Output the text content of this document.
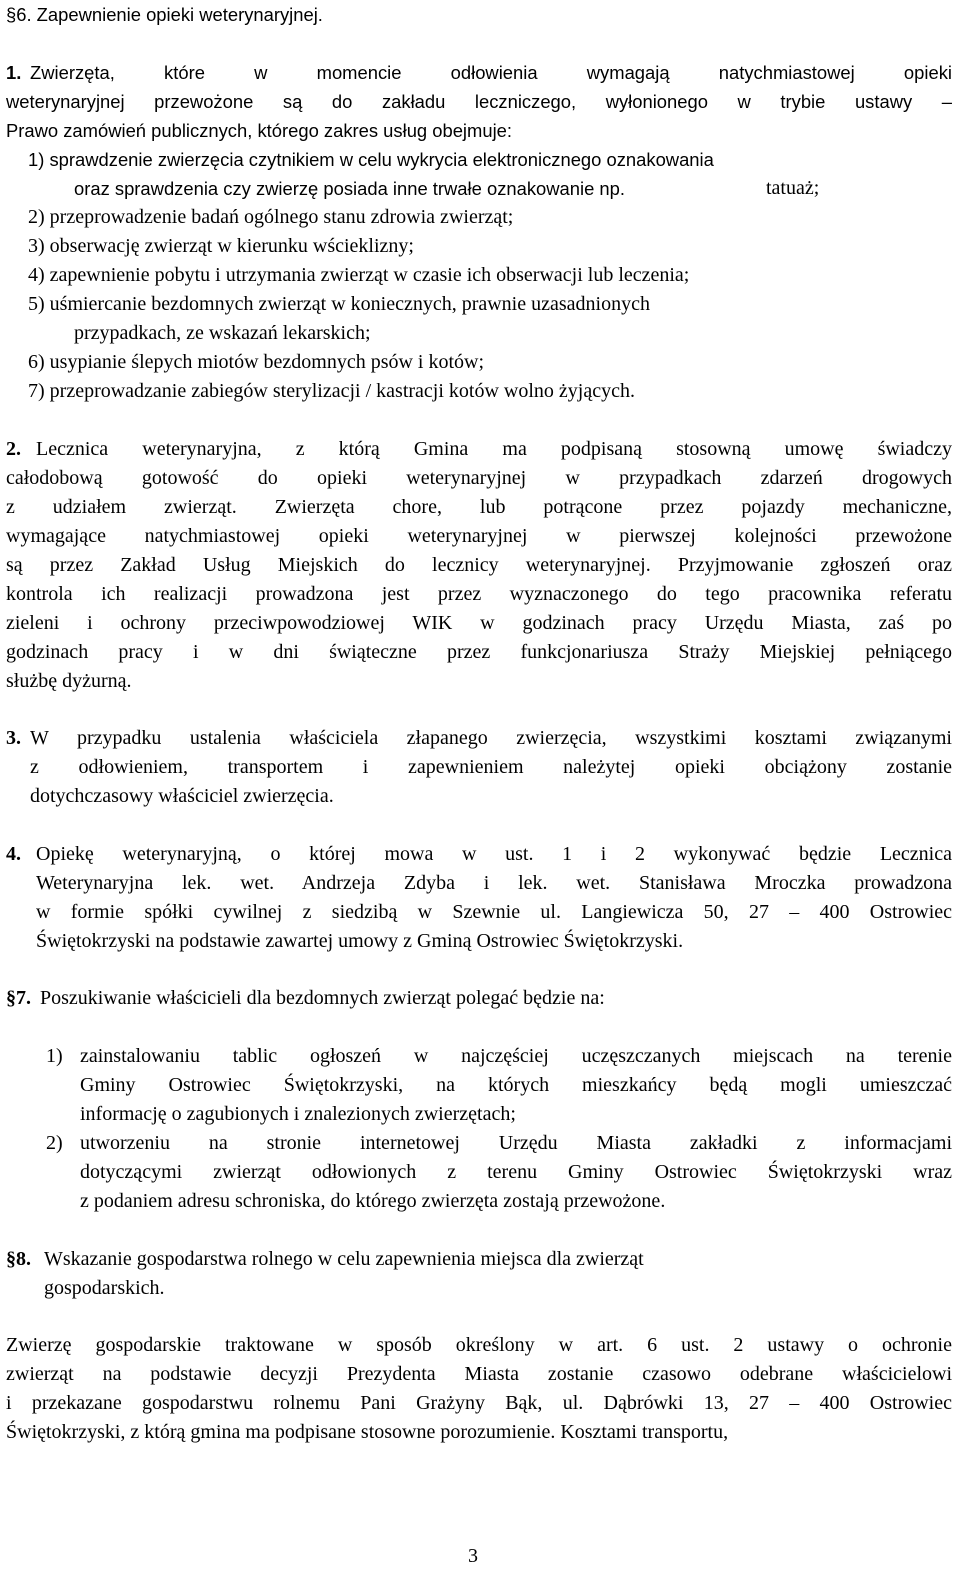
§6. Zapewnienie opieki weterynaryjnej.
1. Zwierzęta, które w momencie odłowienia wymagają natychmiastowej opieki
weterynaryjnej przewożone są do zakładu leczniczego, wyłonionego w trybie ustawy –
Prawo zamówień publicznych, którego zakres usług obejmuje:
1) sprawdzenie zwierzęcia czytnikiem w celu wykrycia elektronicznego oznakowania
oraz sprawdzenia czy zwierzę posiada inne trwałe oznakowanie np.	tatuaż;
2) przeprowadzenie badań ogólnego stanu zdrowia zwierząt;
3) obserwację zwierząt w kierunku wścieklizny;
4) zapewnienie pobytu i utrzymania zwierząt w czasie ich obserwacji lub leczenia;
5) uśmiercanie bezdomnych zwierząt w koniecznych, prawnie uzasadnionych
przypadkach, ze wskazań lekarskich;
6) usypianie ślepych miotów bezdomnych psów i kotów;
7) przeprowadzanie zabiegów sterylizacji / kastracji kotów wolno żyjących.
2. Lecznica weterynaryjna, z którą Gmina ma podpisaną stosowną umowę świadczy
całodobową gotowość do opieki weterynaryjnej w przypadkach zdarzeń drogowych
z udziałem zwierząt. Zwierzęta chore, lub potrącone przez pojazdy mechaniczne,
wymagające natychmiastowej opieki weterynaryjnej w pierwszej kolejności przewożone
są przez Zakład Usług Miejskich do lecznicy weterynaryjnej. Przyjmowanie zgłoszeń oraz
kontrola ich realizacji prowadzona jest przez wyznaczonego do tego pracownika referatu
zieleni i ochrony przeciwpowodziowej WIK w godzinach pracy Urzędu Miasta, zaś po
godzinach pracy i w dni świąteczne przez funkcjonariusza Straży Miejskiej pełniącego
służbę dyżurną.
3. W przypadku ustalenia właściciela złapanego zwierzęcia, wszystkimi kosztami związanymi
z odłowieniem, transportem i zapewnieniem należytej opieki obciążony zostanie
dotychczasowy właściciel zwierzęcia.
4. Opiekę weterynaryjną, o której mowa w ust. 1 i 2 wykonywać będzie Lecznica
Weterynaryjna lek. wet. Andrzeja Zdyba i lek. wet. Stanisława Mroczka prowadzona
w formie spółki cywilnej z siedzibą w Szewnie ul. Langiewicza 50, 27 – 400 Ostrowiec
Świętokrzyski na podstawie zawartej umowy z Gminą Ostrowiec Świętokrzyski.
§7. Poszukiwanie właścicieli dla bezdomnych zwierząt polegać będzie na:
1) zainstalowaniu tablic ogłoszeń w najczęściej uczęszczanych miejscach na terenie
Gminy Ostrowiec Świętokrzyski, na których mieszkańcy będą mogli umieszczać
informację o zagubionych i znalezionych zwierzętach;
2) utworzeniu na stronie internetowej Urzędu Miasta zakładki z informacjami
dotyczącymi zwierząt odłowionych z terenu Gminy Ostrowiec Świętokrzyski wraz
z podaniem adresu schroniska, do którego zwierzęta zostają przewożone.
§8. Wskazanie gospodarstwa rolnego w celu zapewnienia miejsca dla zwierząt
gospodarskich.
Zwierzę gospodarskie traktowane w sposób określony w art. 6 ust. 2 ustawy o ochronie
zwierząt na podstawie decyzji Prezydenta Miasta zostanie czasowo odebrane właścicielowi
i przekazane gospodarstwu rolnemu Pani Grażyny Bąk, ul. Dąbrówki 13, 27 – 400 Ostrowiec
Świętokrzyski, z którą gmina ma podpisane stosowne porozumienie. Kosztami transportu,
3
